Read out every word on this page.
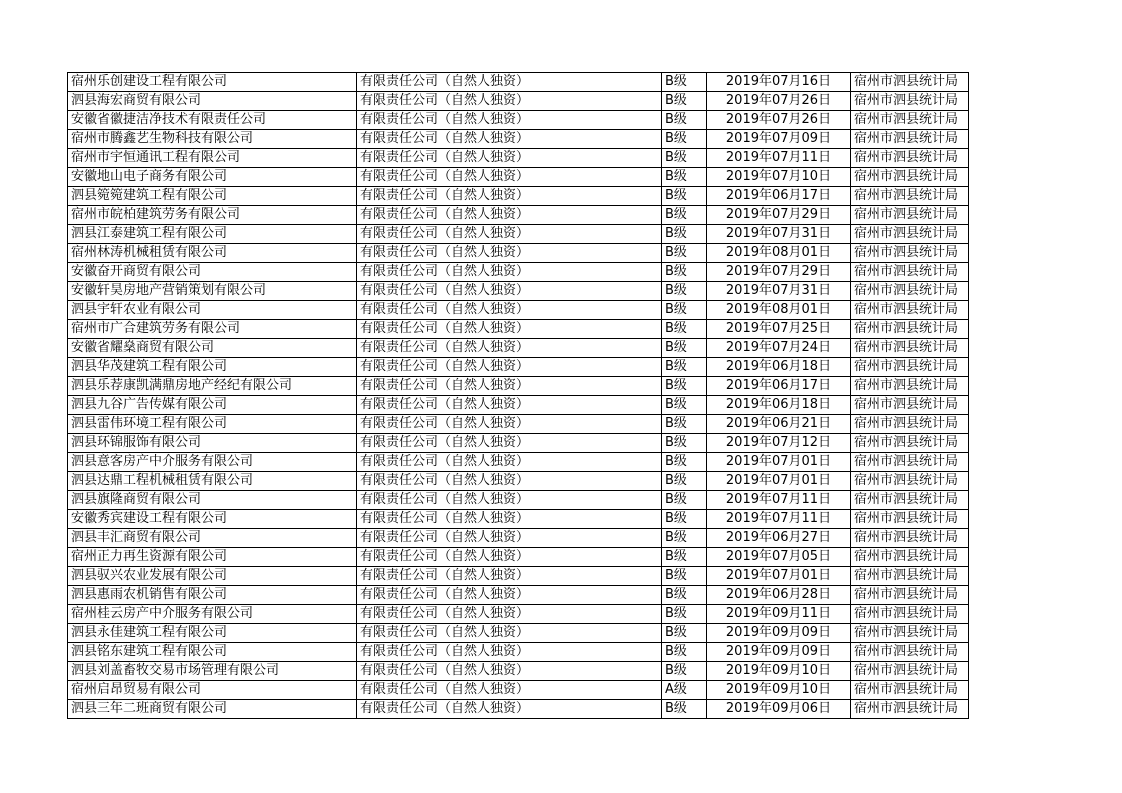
宿州乐创建设工程有限公司	有限责任公司（自然人独资）	B级	2019年07月16日	宿州市泗县统计局
泗县海宏商贸有限公司	有限责任公司（自然人独资）	B级	2019年07月26日	宿州市泗县统计局
安徽省徽捷洁净技术有限责任公司	有限责任公司（自然人独资）	B级	2019年07月26日	宿州市泗县统计局
宿州市腾鑫艺生物科技有限公司	有限责任公司（自然人独资）	B级	2019年07月09日	宿州市泗县统计局
宿州市宇恒通讯工程有限公司	有限责任公司（自然人独资）	B级	2019年07月11日	宿州市泗县统计局
安徽地山电子商务有限公司	有限责任公司（自然人独资）	B级	2019年07月10日	宿州市泗县统计局
泗县箢箢建筑工程有限公司	有限责任公司（自然人独资）	B级	2019年06月17日	宿州市泗县统计局
宿州市皖柏建筑劳务有限公司	有限责任公司（自然人独资）	B级	2019年07月29日	宿州市泗县统计局
泗县江泰建筑工程有限公司	有限责任公司（自然人独资）	B级	2019年07月31日	宿州市泗县统计局
宿州林涛机械租赁有限公司	有限责任公司（自然人独资）	B级	2019年08月01日	宿州市泗县统计局
安徽奋开商贸有限公司	有限责任公司（自然人独资）	B级	2019年07月29日	宿州市泗县统计局
安徽轩昊房地产营销策划有限公司	有限责任公司（自然人独资）	B级	2019年07月31日	宿州市泗县统计局
泗县宇轩农业有限公司	有限责任公司（自然人独资）	B级	2019年08月01日	宿州市泗县统计局
宿州市广合建筑劳务有限公司	有限责任公司（自然人独资）	B级	2019年07月25日	宿州市泗县统计局
安徽省耀燊商贸有限公司	有限责任公司（自然人独资）	B级	2019年07月24日	宿州市泗县统计局
泗县华茂建筑工程有限公司	有限责任公司（自然人独资）	B级	2019年06月18日	宿州市泗县统计局
泗县乐荐康凯满鼎房地产经纪有限公司	有限责任公司（自然人独资）	B级	2019年06月17日	宿州市泗县统计局
泗县九谷广告传媒有限公司	有限责任公司（自然人独资）	B级	2019年06月18日	宿州市泗县统计局
泗县雷伟环境工程有限公司	有限责任公司（自然人独资）	B级	2019年06月21日	宿州市泗县统计局
泗县环锦服饰有限公司	有限责任公司（自然人独资）	B级	2019年07月12日	宿州市泗县统计局
泗县意客房产中介服务有限公司	有限责任公司（自然人独资）	B级	2019年07月01日	宿州市泗县统计局
泗县达鼎工程机械租赁有限公司	有限责任公司（自然人独资）	B级	2019年07月01日	宿州市泗县统计局
泗县旗隆商贸有限公司	有限责任公司（自然人独资）	B级	2019年07月11日	宿州市泗县统计局
安徽秀宾建设工程有限公司	有限责任公司（自然人独资）	B级	2019年07月11日	宿州市泗县统计局
泗县丰汇商贸有限公司	有限责任公司（自然人独资）	B级	2019年06月27日	宿州市泗县统计局
宿州正力再生资源有限公司	有限责任公司（自然人独资）	B级	2019年07月05日	宿州市泗县统计局
泗县驭兴农业发展有限公司	有限责任公司（自然人独资）	B级	2019年07月01日	宿州市泗县统计局
泗县惠雨农机销售有限公司	有限责任公司（自然人独资）	B级	2019年06月28日	宿州市泗县统计局
宿州桂云房产中介服务有限公司	有限责任公司（自然人独资）	B级	2019年09月11日	宿州市泗县统计局
泗县永佳建筑工程有限公司	有限责任公司（自然人独资）	B级	2019年09月09日	宿州市泗县统计局
泗县铭东建筑工程有限公司	有限责任公司（自然人独资）	B级	2019年09月09日	宿州市泗县统计局
泗县刘盖畜牧交易市场管理有限公司	有限责任公司（自然人独资）	B级	2019年09月10日	宿州市泗县统计局
宿州启昂贸易有限公司	有限责任公司（自然人独资）	A级	2019年09月10日	宿州市泗县统计局
泗县三年二班商贸有限公司	有限责任公司（自然人独资）	B级	2019年09月06日	宿州市泗县统计局
